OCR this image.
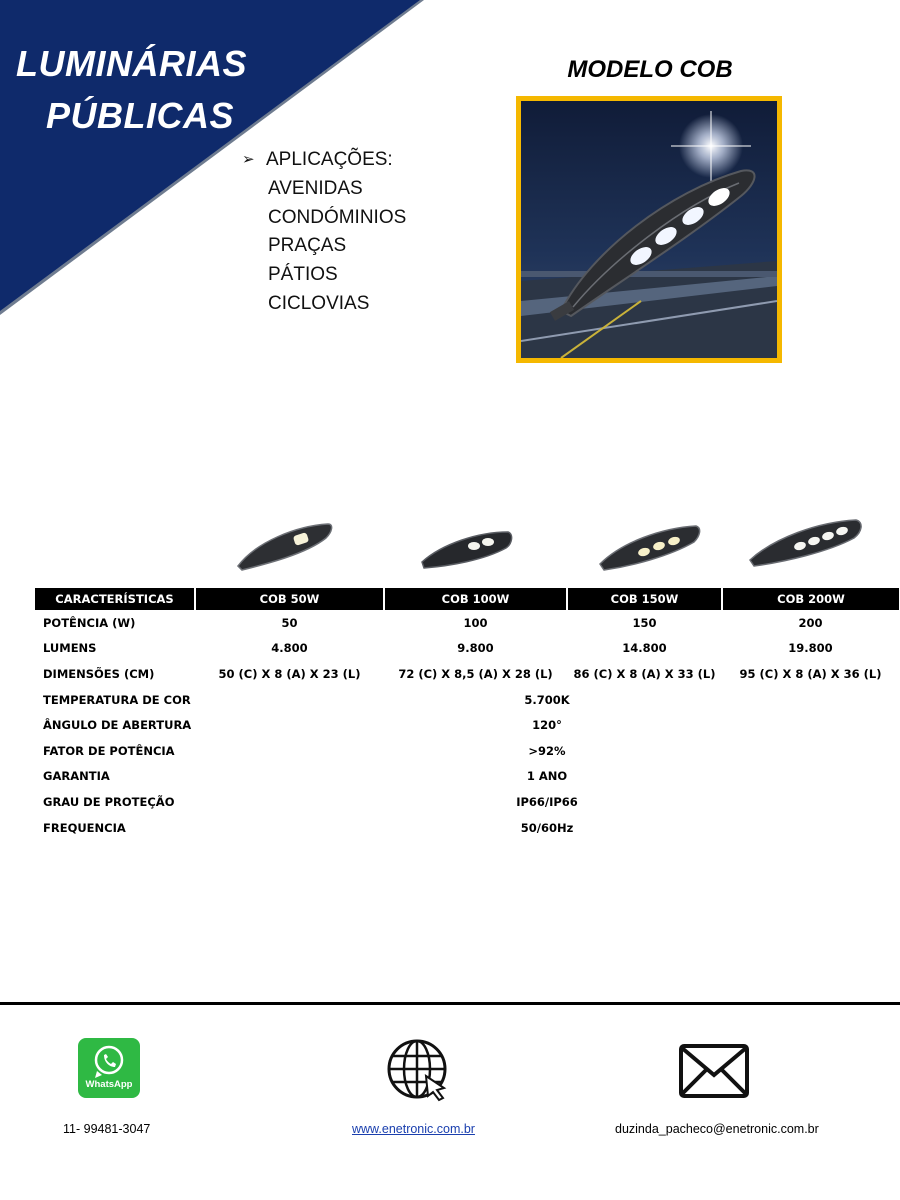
LUMINÁRIAS
PÚBLICAS
➢ APLICAÇÕES:
AVENIDAS
CONDÓMINIOS
PRAÇAS
PÁTIOS
CICLOVIAS
MODELO COB
CARACTERÍSTICAS	COB 50W	COB 100W	COB 150W	COB 200W
POTÊNCIA (W)	50	100	150	200
LUMENS	4.800	9.800	14.800	19.800
DIMENSÕES (CM)	50 (C) X 8 (A) X 23 (L)	72 (C) X 8,5 (A) X 28 (L)	86 (C) X 8 (A) X 33 (L)	95 (C) X 8 (A) X 36 (L)
TEMPERATURA DE COR	5.700K			
ÂNGULO DE ABERTURA	120°			
FATOR DE POTÊNCIA	>92%			
GARANTIA	1 ANO			
GRAU DE PROTEÇÃO	IP66/IP66			
FREQUENCIA	50/60Hz			
WhatsApp
11- 99481-3047	www.enetronic.com.br	duzinda_pacheco@enetronic.com.br
